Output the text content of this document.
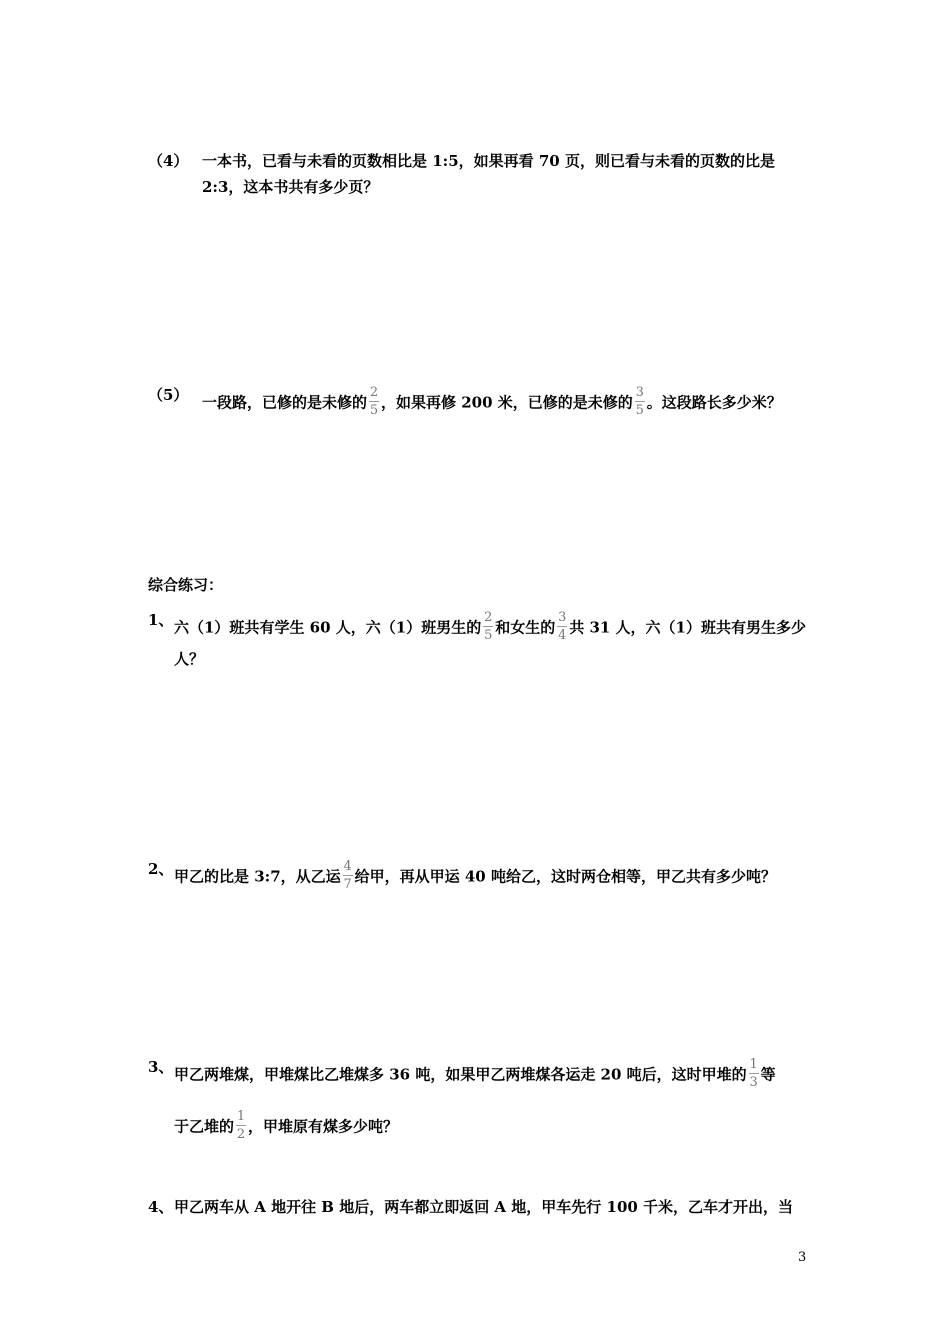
（4） 一本书，已看与未看的页数相比是 1:5，如果再看 70 页，则已看与未看的页数的比是
2:3，这本书共有多少页？
（5） 一段路，已修的是未修的 $\frac{2}{5}$ ，如果再修 200 米，已修的是未修的 $\frac{3}{5}$ 。这段路长多少米？
综合练习：
1、 六（1）班共有学生 60 人，六（1）班男生的 $\frac{2}{5}$ 和女生的 $\frac{3}{4}$ 共 31 人，六（1）班共有男生多少
人？
2、 甲乙的比是 3:7，从乙运 $\frac{4}{7}$ 给甲，再从甲运 40 吨给乙，这时两仓相等，甲乙共有多少吨？
3、 甲乙两堆煤，甲堆煤比乙堆煤多 36 吨，如果甲乙两堆煤各运走 20 吨后，这时甲堆的 $\frac{1}{3}$ 等
于乙堆的 $\frac{1}{2}$ ，甲堆原有煤多少吨？
4、 甲乙两车从 A 地开往 B 地后，两车都立即返回 A 地，甲车先行 100 千米，乙车才开出，当
3
